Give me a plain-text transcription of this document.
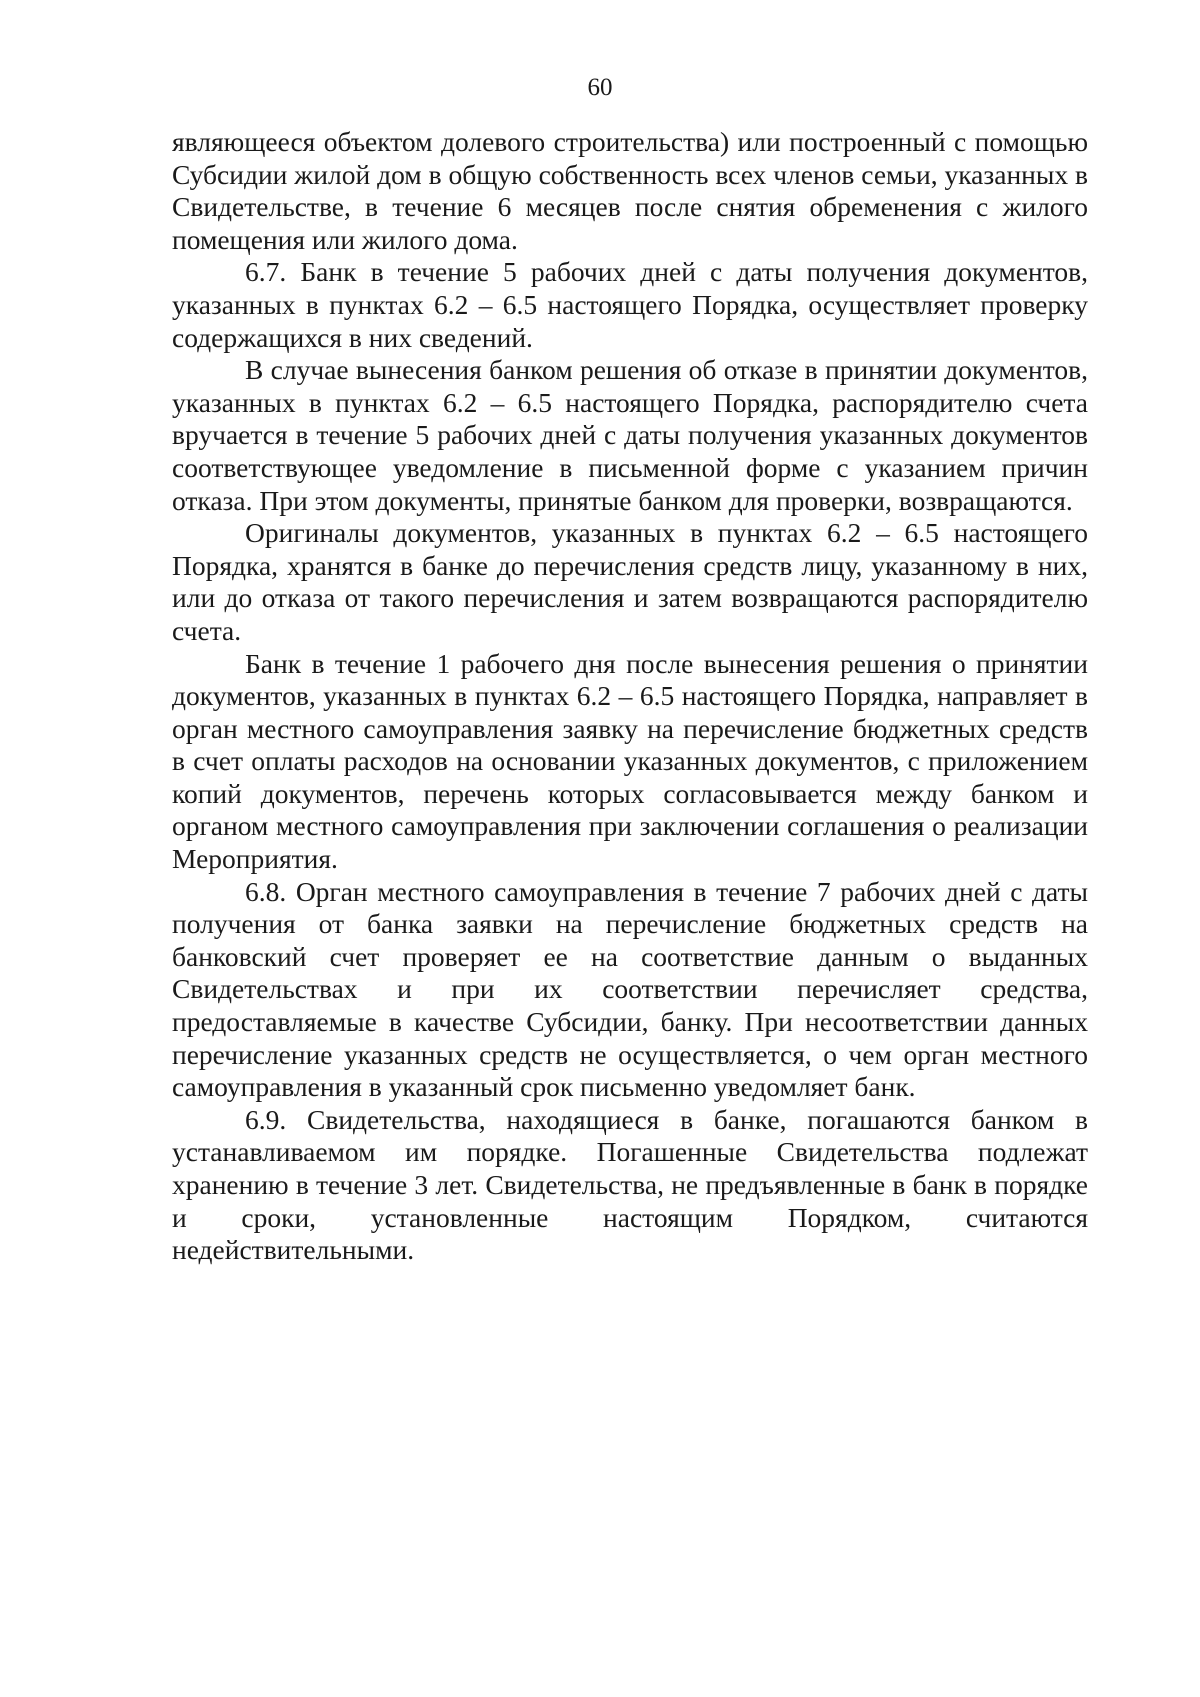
60

являющееся объектом долевого строительства) или построенный с помощью Субсидии жилой дом в общую собственность всех членов семьи, указанных в Свидетельстве, в течение 6 месяцев после снятия обременения с жилого помещения или жилого дома.

6.7. Банк в течение 5 рабочих дней с даты получения документов, указанных в пунктах 6.2 – 6.5 настоящего Порядка, осуществляет проверку содержащихся в них сведений.

В случае вынесения банком решения об отказе в принятии документов, указанных в пунктах 6.2 – 6.5 настоящего Порядка, распорядителю счета вручается в течение 5 рабочих дней с даты получения указанных документов соответствующее уведомление в письменной форме с указанием причин отказа. При этом документы, принятые банком для проверки, возвращаются.

Оригиналы документов, указанных в пунктах 6.2 – 6.5 настоящего Порядка, хранятся в банке до перечисления средств лицу, указанному в них, или до отказа от такого перечисления и затем возвращаются распорядителю счета.

Банк в течение 1 рабочего дня после вынесения решения о принятии документов, указанных в пунктах 6.2 – 6.5 настоящего Порядка, направляет в орган местного самоуправления заявку на перечисление бюджетных средств в счет оплаты расходов на основании указанных документов, с приложением копий документов, перечень которых согласовывается между банком и органом местного самоуправления при заключении соглашения о реализации Мероприятия.

6.8. Орган местного самоуправления в течение 7 рабочих дней с даты получения от банка заявки на перечисление бюджетных средств на банковский счет проверяет ее на соответствие данным о выданных Свидетельствах и при их соответствии перечисляет средства, предоставляемые в качестве Субсидии, банку. При несоответствии данных перечисление указанных средств не осуществляется, о чем орган местного самоуправления в указанный срок письменно уведомляет банк.

6.9. Свидетельства, находящиеся в банке, погашаются банком в устанавливаемом им порядке. Погашенные Свидетельства подлежат хранению в течение 3 лет. Свидетельства, не предъявленные в банк в порядке и сроки, установленные настоящим Порядком, считаются недействительными.
